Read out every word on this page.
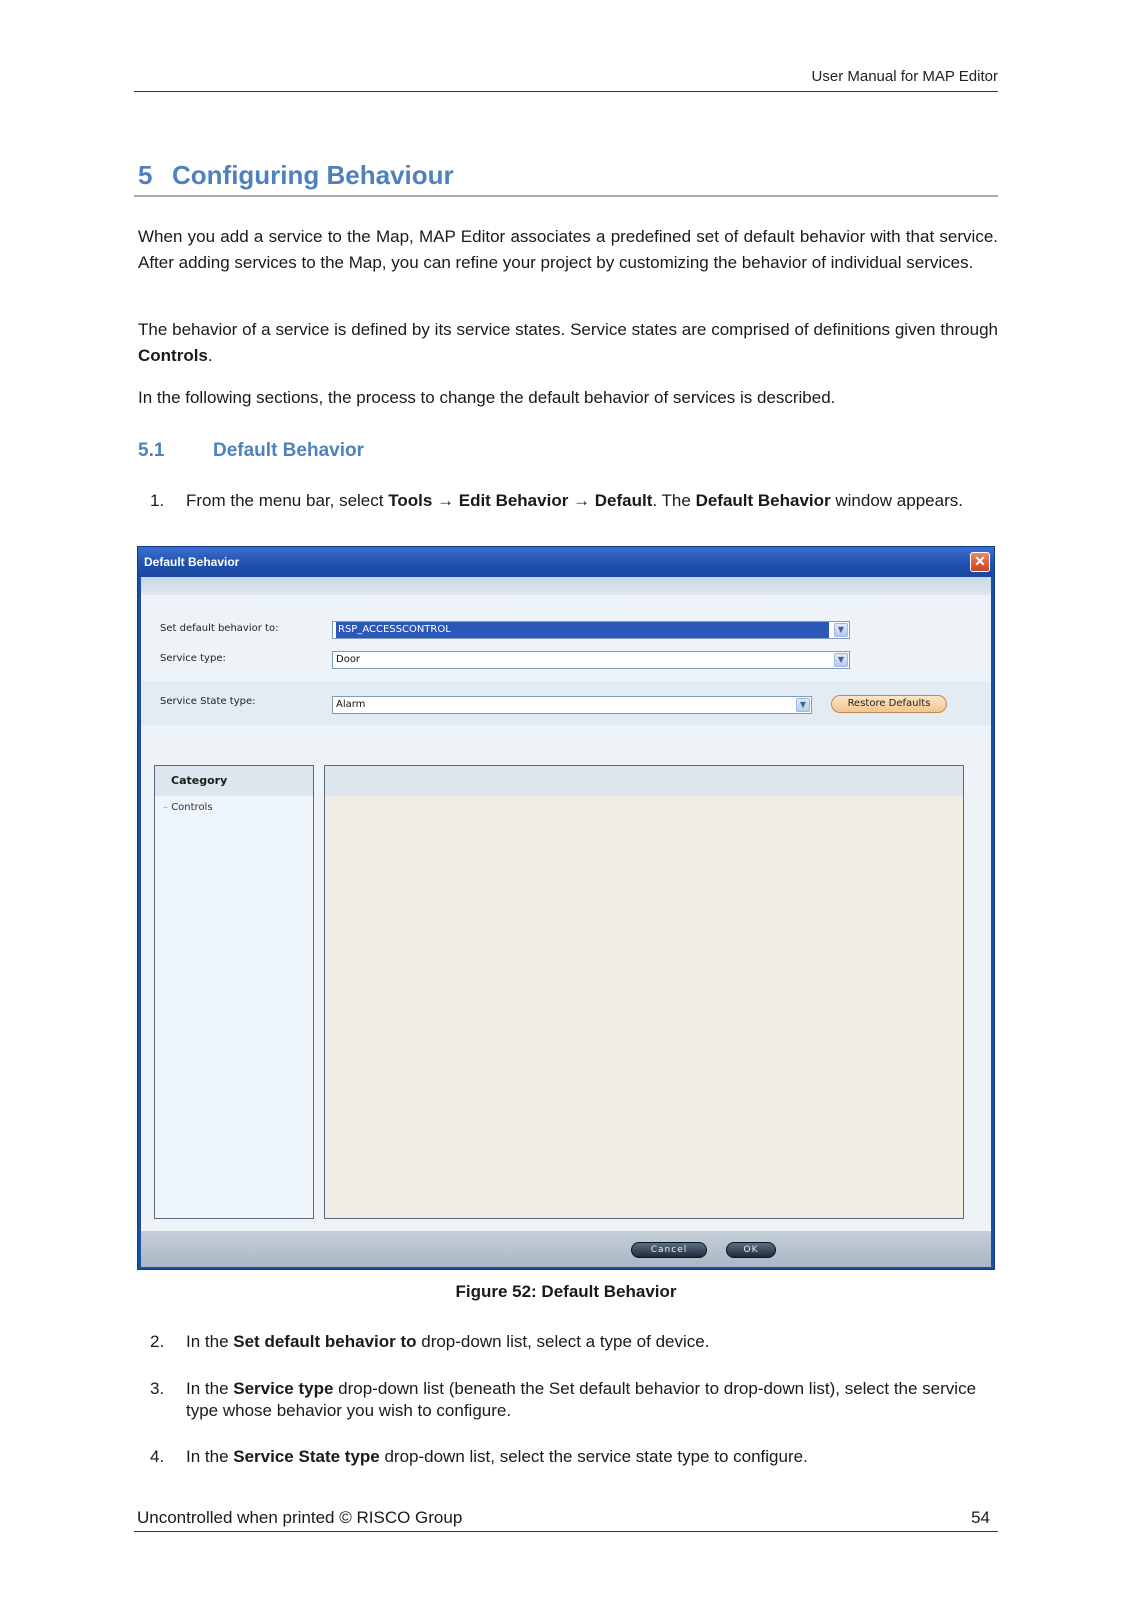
User Manual for MAP Editor
5 Configuring Behaviour
When you add a service to the Map, MAP Editor associates a predefined set of default behavior with that service. After adding services to the Map, you can refine your project by customizing the behavior of individual services.
The behavior of a service is defined by its service states. Service states are comprised of definitions given through Controls.
In the following sections, the process to change the default behavior of services is described.
5.1	Default Behavior
1. From the menu bar, select Tools → Edit Behavior → Default. The Default Behavior window appears.
Default Behavior	✕
Set default behavior to:	RSP_ACCESSCONTROL	▼
Service type:	Door	▼
Service State type:	Alarm	▼	Restore Defaults
Category
– Controls
Cancel	OK
Figure 52: Default Behavior
2. In the Set default behavior to drop-down list, select a type of device.
3. In the Service type drop-down list (beneath the Set default behavior to drop-down list), select the service type whose behavior you wish to configure.
4. In the Service State type drop-down list, select the service state type to configure.
Uncontrolled when printed © RISCO Group	54
